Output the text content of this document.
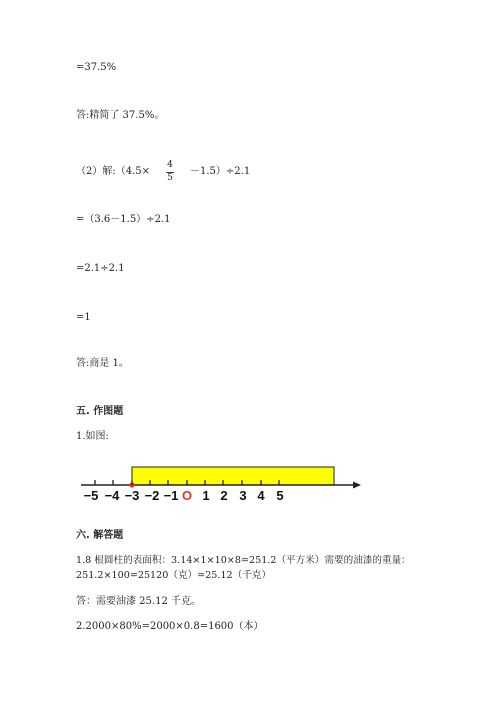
=37.5%
答:精简了 37.5%。
（2）解:（4.5×
4
5
－1.5）÷2.1
=（3.6－1.5）÷2.1
=2.1÷2.1
=1
答:商是 1。
五. 作图题
1.如图:
−5 −4 −3 −2 −1 O 1 2 3 4 5
六. 解答题
1.8 根圆柱的表面积：3.14×1×10×8=251.2（平方米）需要的油漆的重量：
251.2×100=25120（克）=25.12（千克）
答：需要油漆 25.12 千克。
2.2000×80%=2000×0.8=1600（本）
